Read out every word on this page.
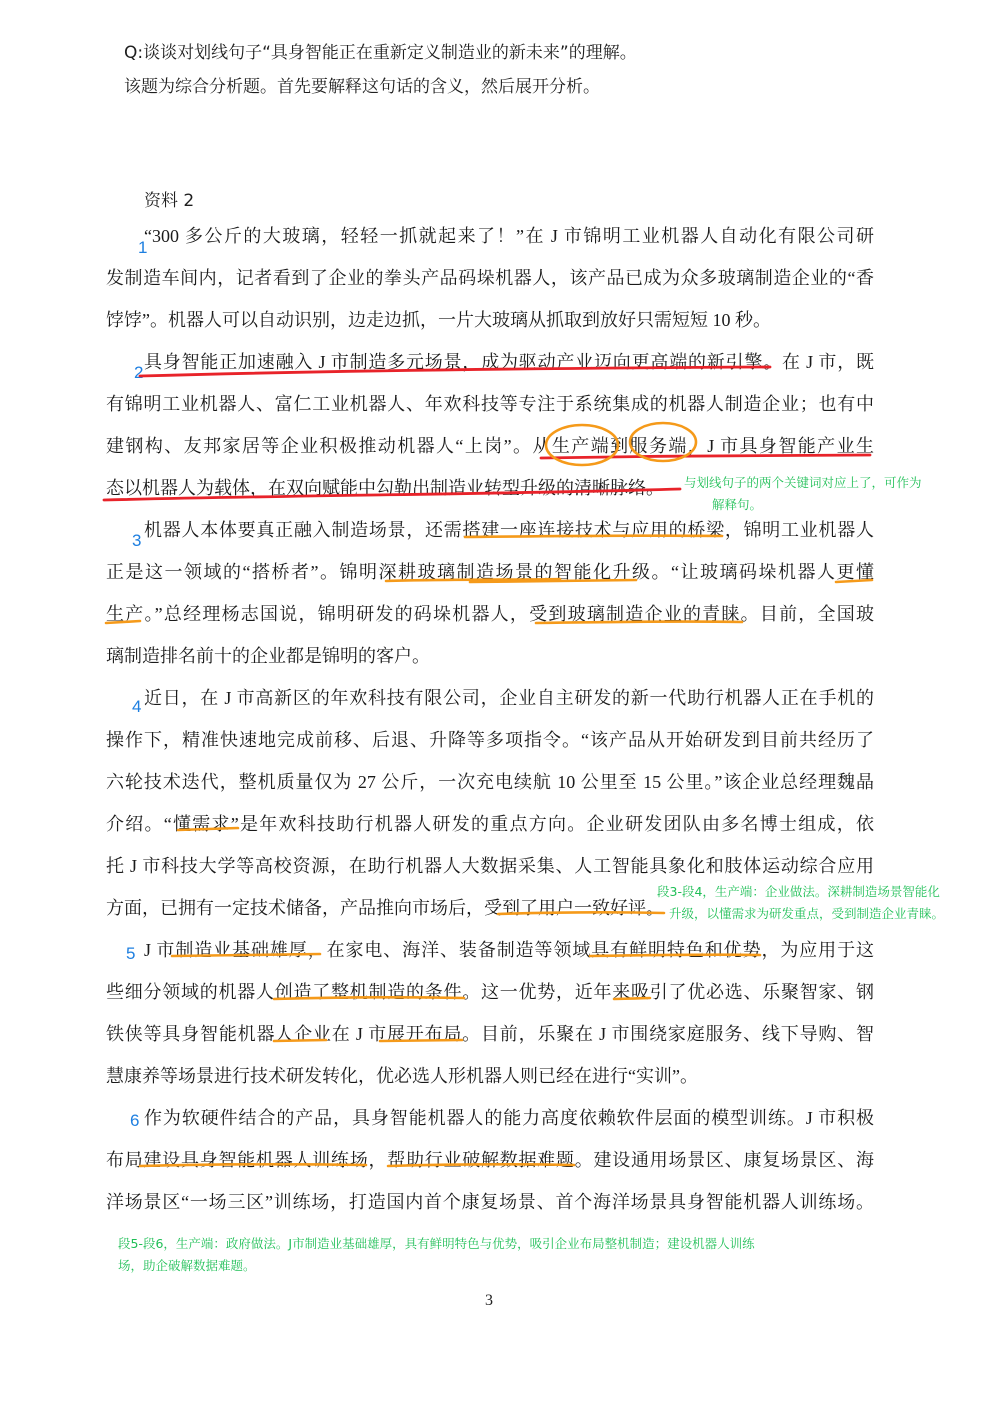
Q:谈谈对划线句子“具身智能正在重新定义制造业的新未来”的理解。
该题为综合分析题。首先要解释这句话的含义，然后展开分析。
资料 2
“300 多公斤的大玻璃，轻轻一抓就起来了！”在 J 市锦明工业机器人自动化有限公司研
发制造车间内，记者看到了企业的拳头产品码垛机器人，该产品已成为众多玻璃制造企业的“香
饽饽”。机器人可以自动识别，边走边抓，一片大玻璃从抓取到放好只需短短 10 秒。
具身智能正加速融入 J 市制造多元场景，成为驱动产业迈向更高端的新引擎。在 J 市，既
有锦明工业机器人、富仁工业机器人、年欢科技等专注于系统集成的机器人制造企业；也有中
建钢构、友邦家居等企业积极推动机器人“上岗”。从生产端到服务端，J 市具身智能产业生
态以机器人为载体，在双向赋能中勾勒出制造业转型升级的清晰脉络。
机器人本体要真正融入制造场景，还需搭建一座连接技术与应用的桥梁，锦明工业机器人
正是这一领域的“搭桥者”。锦明深耕玻璃制造场景的智能化升级。“让玻璃码垛机器人更懂
生产。”总经理杨志国说，锦明研发的码垛机器人，受到玻璃制造企业的青睐。目前，全国玻
璃制造排名前十的企业都是锦明的客户。
近日，在 J 市高新区的年欢科技有限公司，企业自主研发的新一代助行机器人正在手机的
操作下，精准快速地完成前移、后退、升降等多项指令。“该产品从开始研发到目前共经历了
六轮技术迭代，整机质量仅为 27 公斤，一次充电续航 10 公里至 15 公里。”该企业总经理魏晶
介绍。“懂需求”是年欢科技助行机器人研发的重点方向。企业研发团队由多名博士组成，依
托 J 市科技大学等高校资源，在助行机器人大数据采集、人工智能具象化和肢体运动综合应用
方面，已拥有一定技术储备，产品推向市场后，受到了用户一致好评。
J 市制造业基础雄厚，在家电、海洋、装备制造等领域具有鲜明特色和优势，为应用于这
些细分领域的机器人创造了整机制造的条件。这一优势，近年来吸引了优必选、乐聚智家、钢
铁侠等具身智能机器人企业在 J 市展开布局。目前，乐聚在 J 市围绕家庭服务、线下导购、智
慧康养等场景进行技术研发转化，优必选人形机器人则已经在进行“实训”。
作为软硬件结合的产品，具身智能机器人的能力高度依赖软件层面的模型训练。J 市积极
布局建设具身智能机器人训练场，帮助行业破解数据难题。建设通用场景区、康复场景区、海
洋场景区“一场三区”训练场，打造国内首个康复场景、首个海洋场景具身智能机器人训练场。
1
2
3
4
5
6
与划线句子的两个关键词对应上了，可作为
解释句。
段3-段4，生产端：企业做法。深耕制造场景智能化
升级，以懂需求为研发重点，受到制造企业青睐。
段5-段6，生产端：政府做法。J市制造业基础雄厚，具有鲜明特色与优势，吸引企业布局整机制造；建设机器人训练
场，助企破解数据难题。
3
